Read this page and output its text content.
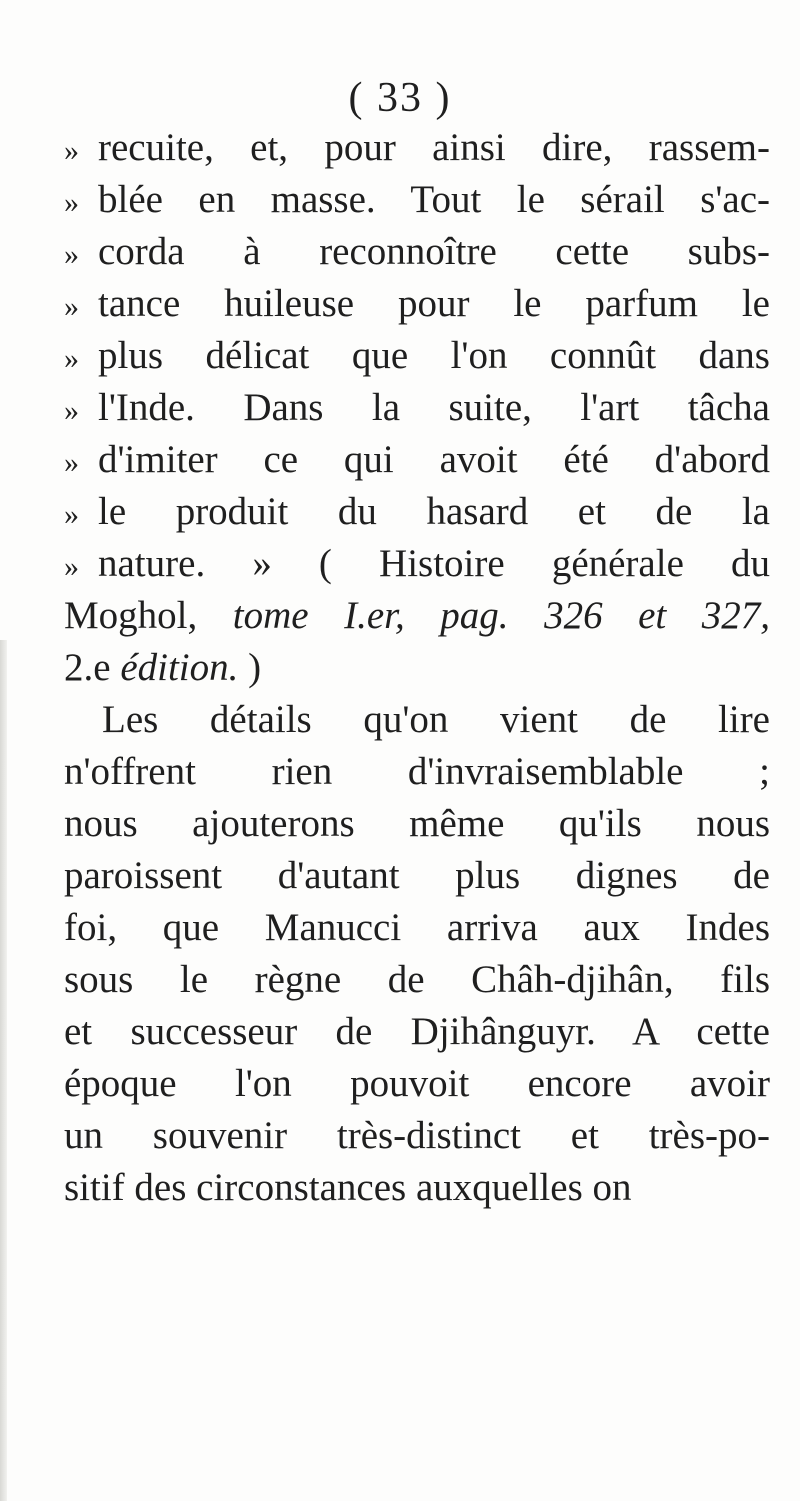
( 33 )
» recuite, et, pour ainsi dire, rassem-
» blée en masse. Tout le sérail s'ac-
» corda à reconnoître cette subs-
» tance huileuse pour le parfum le
» plus délicat que l'on connût dans
» l'Inde. Dans la suite, l'art tâcha
» d'imiter ce qui avoit été d'abord
» le produit du hasard et de la
» nature. » ( Histoire générale du
Moghol, tome I.er, pag. 326 et 327,
2.e édition. )
Les détails qu'on vient de lire
n'offrent rien d'invraisemblable ;
nous ajouterons même qu'ils nous
paroissent d'autant plus dignes de
foi, que Manucci arriva aux Indes
sous le règne de Châh-djihân, fils
et successeur de Djihânguyr. A cette
époque l'on pouvoit encore avoir
un souvenir très-distinct et très-po-
sitif des circonstances auxquelles on
